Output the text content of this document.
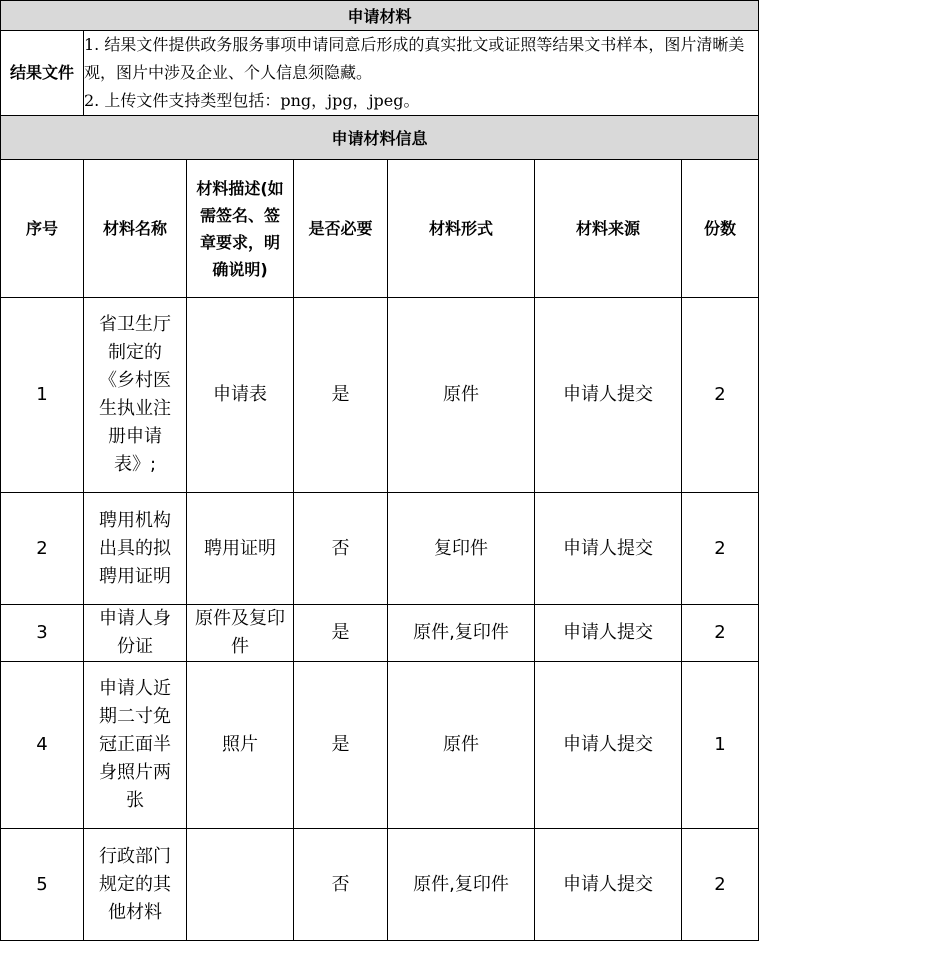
申请材料						
结果文件	1. 结果文件提供政务服务事项申请同意后形成的真实批文或证照等结果文书样本，图片清晰美观，图片中涉及企业、个人信息须隐藏。
2. 上传文件支持类型包括：png，jpg，jpeg。					

申请材料信息						
序号	材料名称	材料描述(如需签名、签章要求，明确说明)	是否必要	材料形式	材料来源	份数
1	省卫生厅制定的《乡村医生执业注册申请表》;	申请表	是	原件	申请人提交	2
2	聘用机构出具的拟聘用证明	聘用证明	否	复印件	申请人提交	2
3	申请人身份证	原件及复印件	是	原件,复印件	申请人提交	2
4	申请人近期二寸免冠正面半身照片两张	照片	是	原件	申请人提交	1
5	行政部门规定的其他材料		否	原件,复印件	申请人提交	2
